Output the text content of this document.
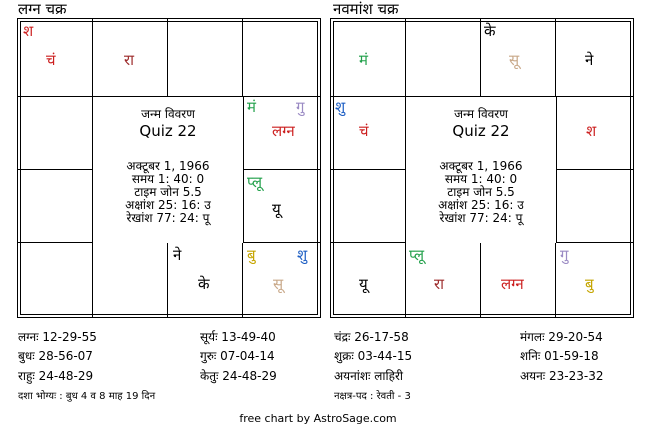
लग्न चक्र
श
चं	रा
मं	गु
लग्न
प्लू
यू
ने
के
बु	शु
सू
जन्म विवरण
Quiz 22
अक्टूबर 1, 1966
समय 1: 40: 0
टाइम जोन 5.5
अक्षांश 25: 16: उ
रेखांश 77: 24: पू
नवमांश चक्र
मं
के
सू	ने
शु
चं	श
यू
प्लू
रा	लग्न
गु
बु
जन्म विवरण
Quiz 22
अक्टूबर 1, 1966
समय 1: 40: 0
टाइम जोन 5.5
अक्षांश 25: 16: उ
रेखांश 77: 24: पू
लग्नः 12-29-55	सूर्यः 13-49-40	चंद्रः 26-17-58	मंगलः 29-20-54
बुधः 28-56-07	गुरुः 07-04-14	शुक्रः 03-44-15	शनिः 01-59-18
राहुः 24-48-29	केतुः 24-48-29	अयनांशः लाहिरी	अयनः 23-23-32
दशा भोग्यः : बुध 4 व 8 माह 19 दिन	नक्षत्र-पद : रेवती - 3
free chart by AstroSage.com
